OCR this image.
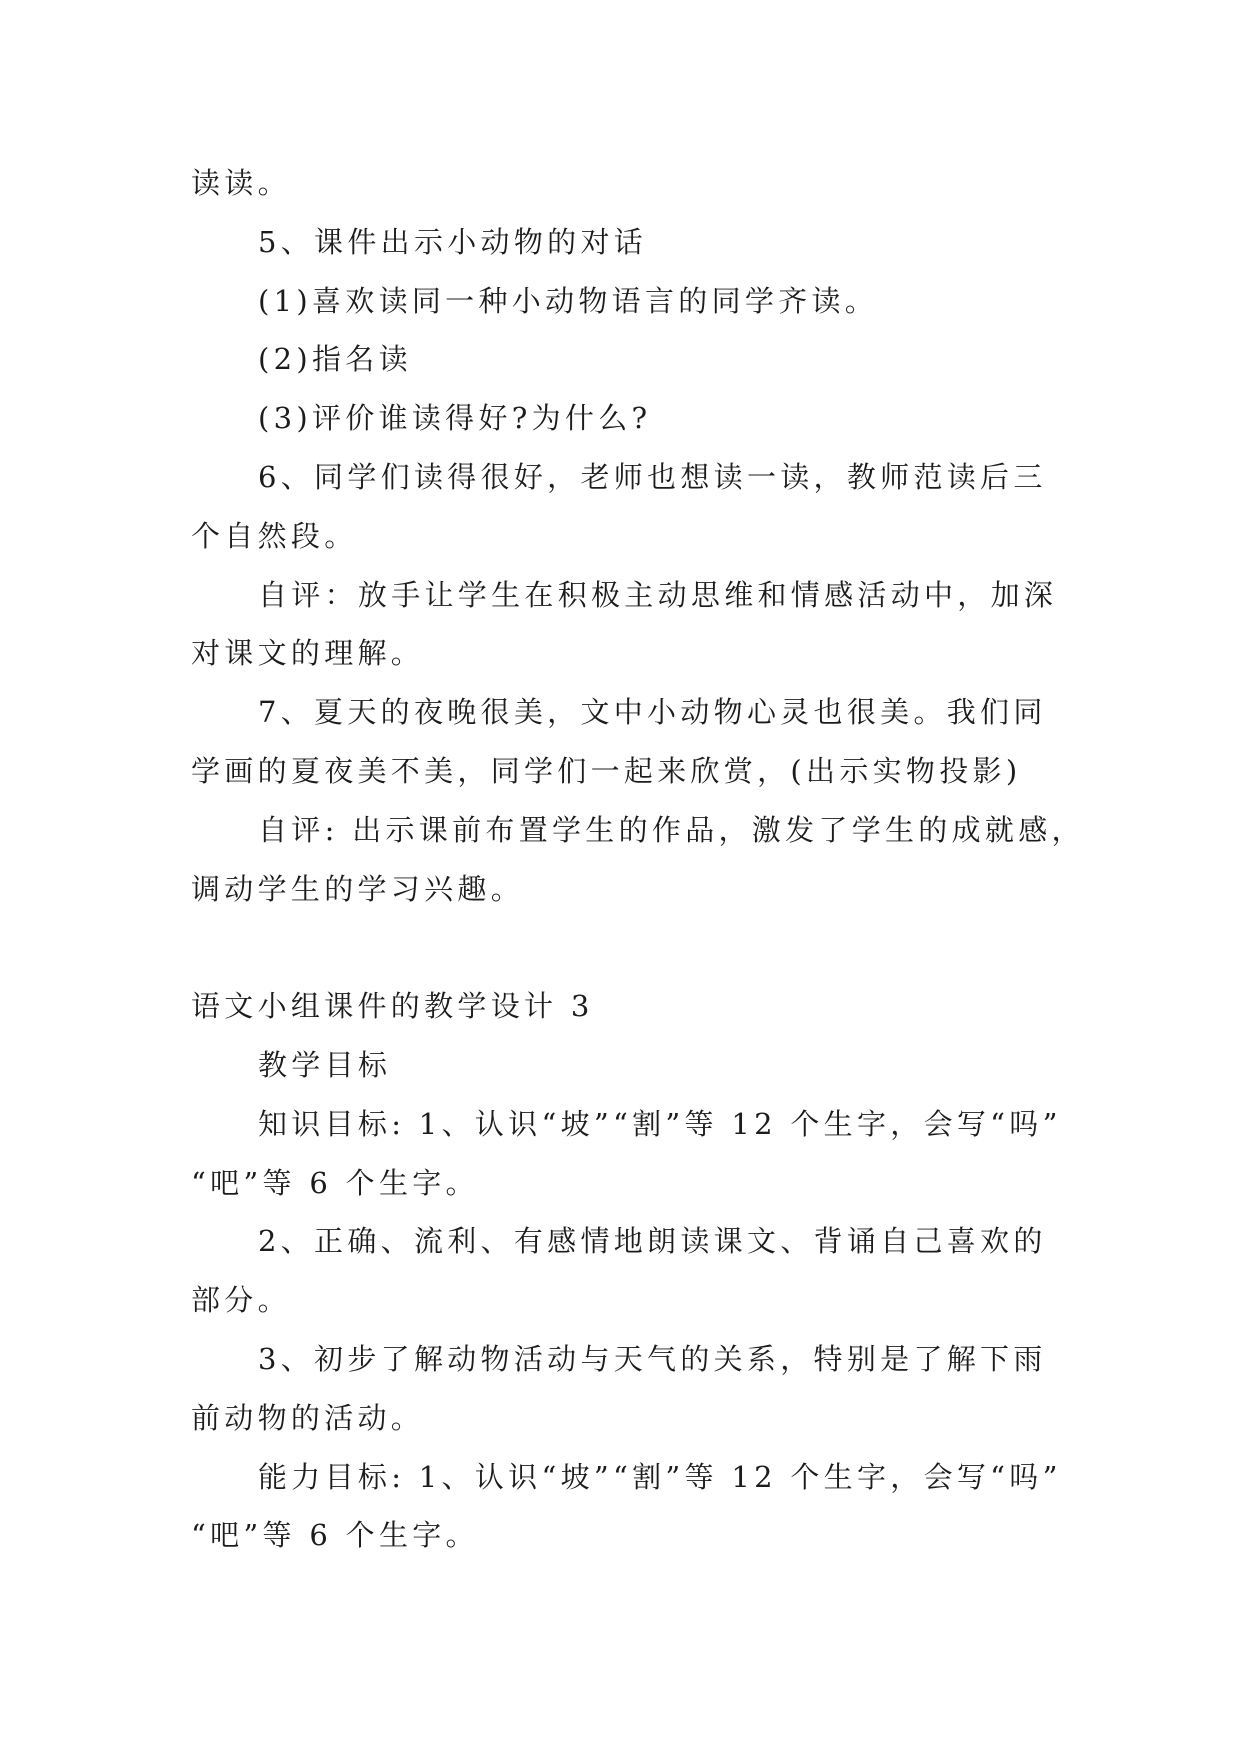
读读。
5、课件出示小动物的对话
(1)喜欢读同一种小动物语言的同学齐读。
(2)指名读
(3)评价谁读得好?为什么?
6、同学们读得很好，老师也想读一读，教师范读后三
个自然段。
自评：放手让学生在积极主动思维和情感活动中，加深
对课文的理解。
7、夏天的夜晚很美，文中小动物心灵也很美。我们同
学画的夏夜美不美，同学们一起来欣赏，(出示实物投影)
自评: 出示课前布置学生的作品，激发了学生的成就感，
调动学生的学习兴趣。
语文小组课件的教学设计 3
教学目标
知识目标: 1、认识“坡”“割”等 12 个生字，会写“吗”
“吧”等 6 个生字。
2、正确、流利、有感情地朗读课文、背诵自己喜欢的
部分。
3、初步了解动物活动与天气的关系，特别是了解下雨
前动物的活动。
能力目标: 1、认识“坡”“割”等 12 个生字，会写“吗”
“吧”等 6 个生字。
